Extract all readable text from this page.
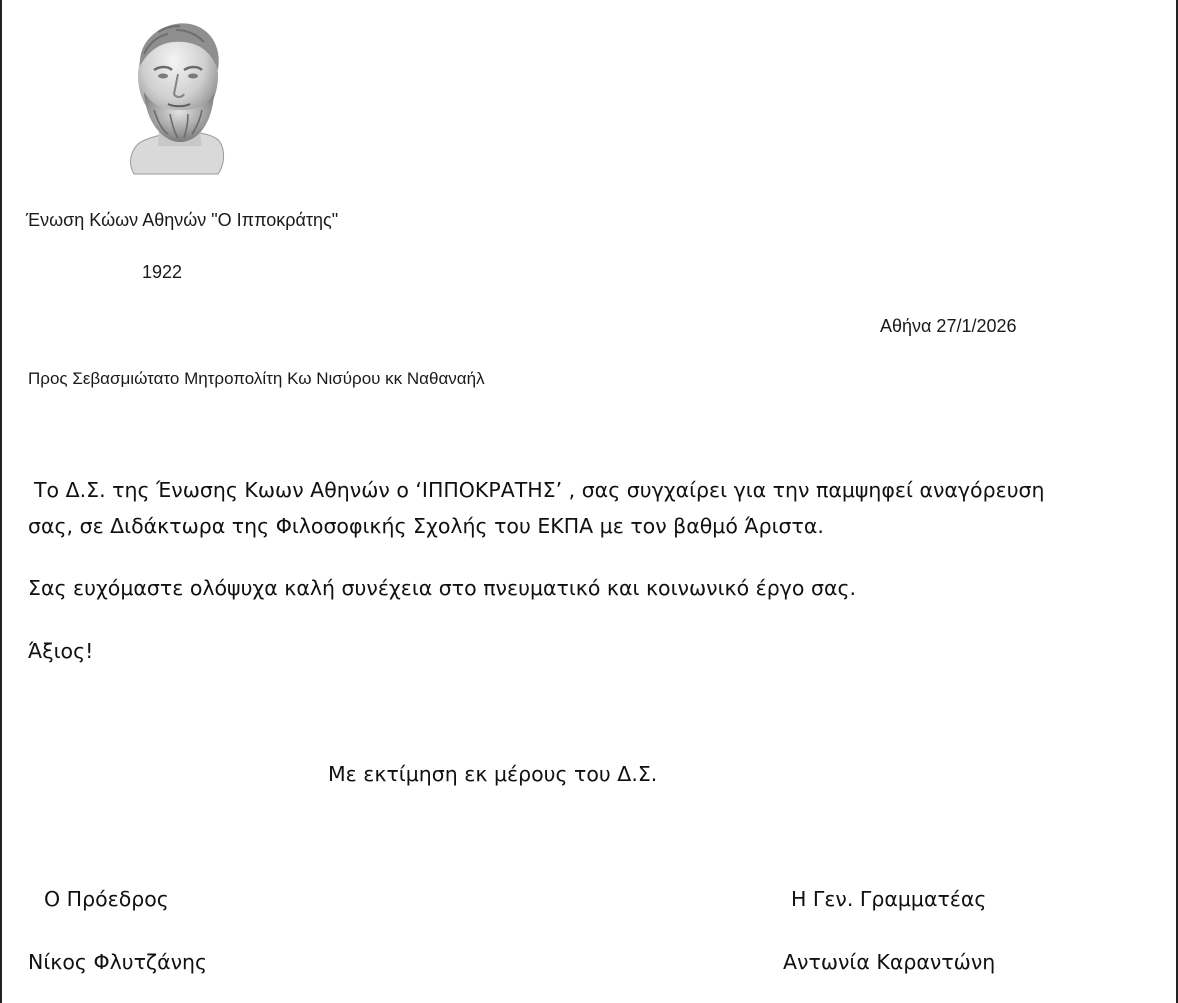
Ένωση Κώων Αθηνών "Ο Ιπποκράτης"
1922
Αθήνα 27/1/2026
Προς Σεβασμιώτατο Μητροπολίτη Κω Νισύρου κκ Ναθαναήλ
Το Δ.Σ. της Ένωσης Κωων Αθηνών ο ‘ΙΠΠΟΚΡΑΤΗΣ’ , σας συγχαίρει για την παμψηφεί αναγόρευση
σας, σε Διδάκτωρα της Φιλοσοφικής Σχολής του ΕΚΠΑ με τον βαθμό Άριστα.
Σας ευχόμαστε ολόψυχα καλή συνέχεια στο πνευματικό και κοινωνικό έργο σας.
Άξιος!
Με εκτίμηση εκ μέρους του Δ.Σ.
Ο Πρόεδρος	Η Γεν. Γραμματέας
Νίκος Φλυτζάνης	Αντωνία Καραντώνη
